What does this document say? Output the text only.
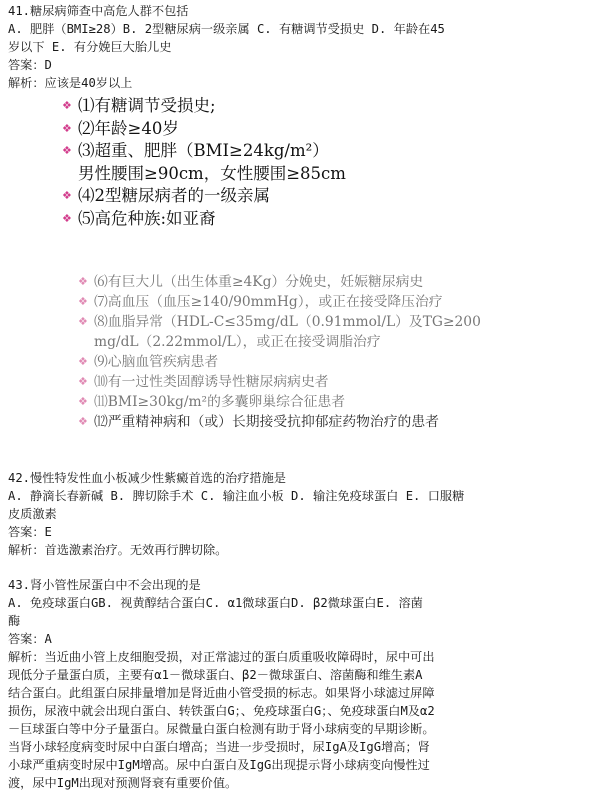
41.糖尿病筛查中高危人群不包括
A. 肥胖（BMI≥28）B. 2型糖尿病一级亲属 C. 有糖调节受损史 D. 年龄在45
岁以下 E. 有分娩巨大胎儿史
答案：D
解析：应该是40岁以上
❖ ⑴有糖调节受损史;
❖ ⑵年龄≥40岁
❖ ⑶超重、肥胖（BMI≥24kg/m²）
男性腰围≥90cm，女性腰围≥85cm
❖ ⑷2型糖尿病者的一级亲属
❖ ⑸高危种族:如亚裔
❖ ⑹有巨大儿（出生体重≥4Kg）分娩史，妊娠糖尿病史
❖ ⑺高血压（血压≥140/90mmHg），或正在接受降压治疗
❖ ⑻血脂异常（HDL-C≤35mg/dL（0.91mmol/L）及TG≥200
mg/dL（2.22mmol/L），或正在接受调脂治疗
❖ ⑼心脑血管疾病患者
❖ ⑽有一过性类固醇诱导性糖尿病病史者
❖ ⑾BMI≥30kg/m²的多囊卵巢综合征患者
❖ ⑿严重精神病和（或）长期接受抗抑郁症药物治疗的患者
42.慢性特发性血小板减少性紫癜首选的治疗措施是
A. 静滴长春新碱 B. 脾切除手术 C. 输注血小板 D. 输注免疫球蛋白 E. 口服糖
皮质激素
答案：E
解析：首选激素治疗。无效再行脾切除。
43.肾小管性尿蛋白中不会出现的是
A. 免疫球蛋白GB. 视黄醇结合蛋白C. α1微球蛋白D. β2微球蛋白E. 溶菌
酶
答案：A
解析：当近曲小管上皮细胞受损，对正常滤过的蛋白质重吸收障碍时，尿中可出
现低分子量蛋白质，主要有α1－微球蛋白、β2－微球蛋白、溶菌酶和维生素A
结合蛋白。此组蛋白尿排量增加是肾近曲小管受损的标志。如果肾小球滤过屏障
损伤，尿液中就会出现白蛋白、转铁蛋白G；、免疫球蛋白G；、免疫球蛋白M及α2
－巨球蛋白等中分子量蛋白。尿微量白蛋白检测有助于肾小球病变的早期诊断。
当肾小球轻度病变时尿中白蛋白增高；当进一步受损时，尿IgA及IgG增高；肾
小球严重病变时尿中IgM增高。尿中白蛋白及IgG出现提示肾小球病变向慢性过
渡，尿中IgM出现对预测肾衰有重要价值。
